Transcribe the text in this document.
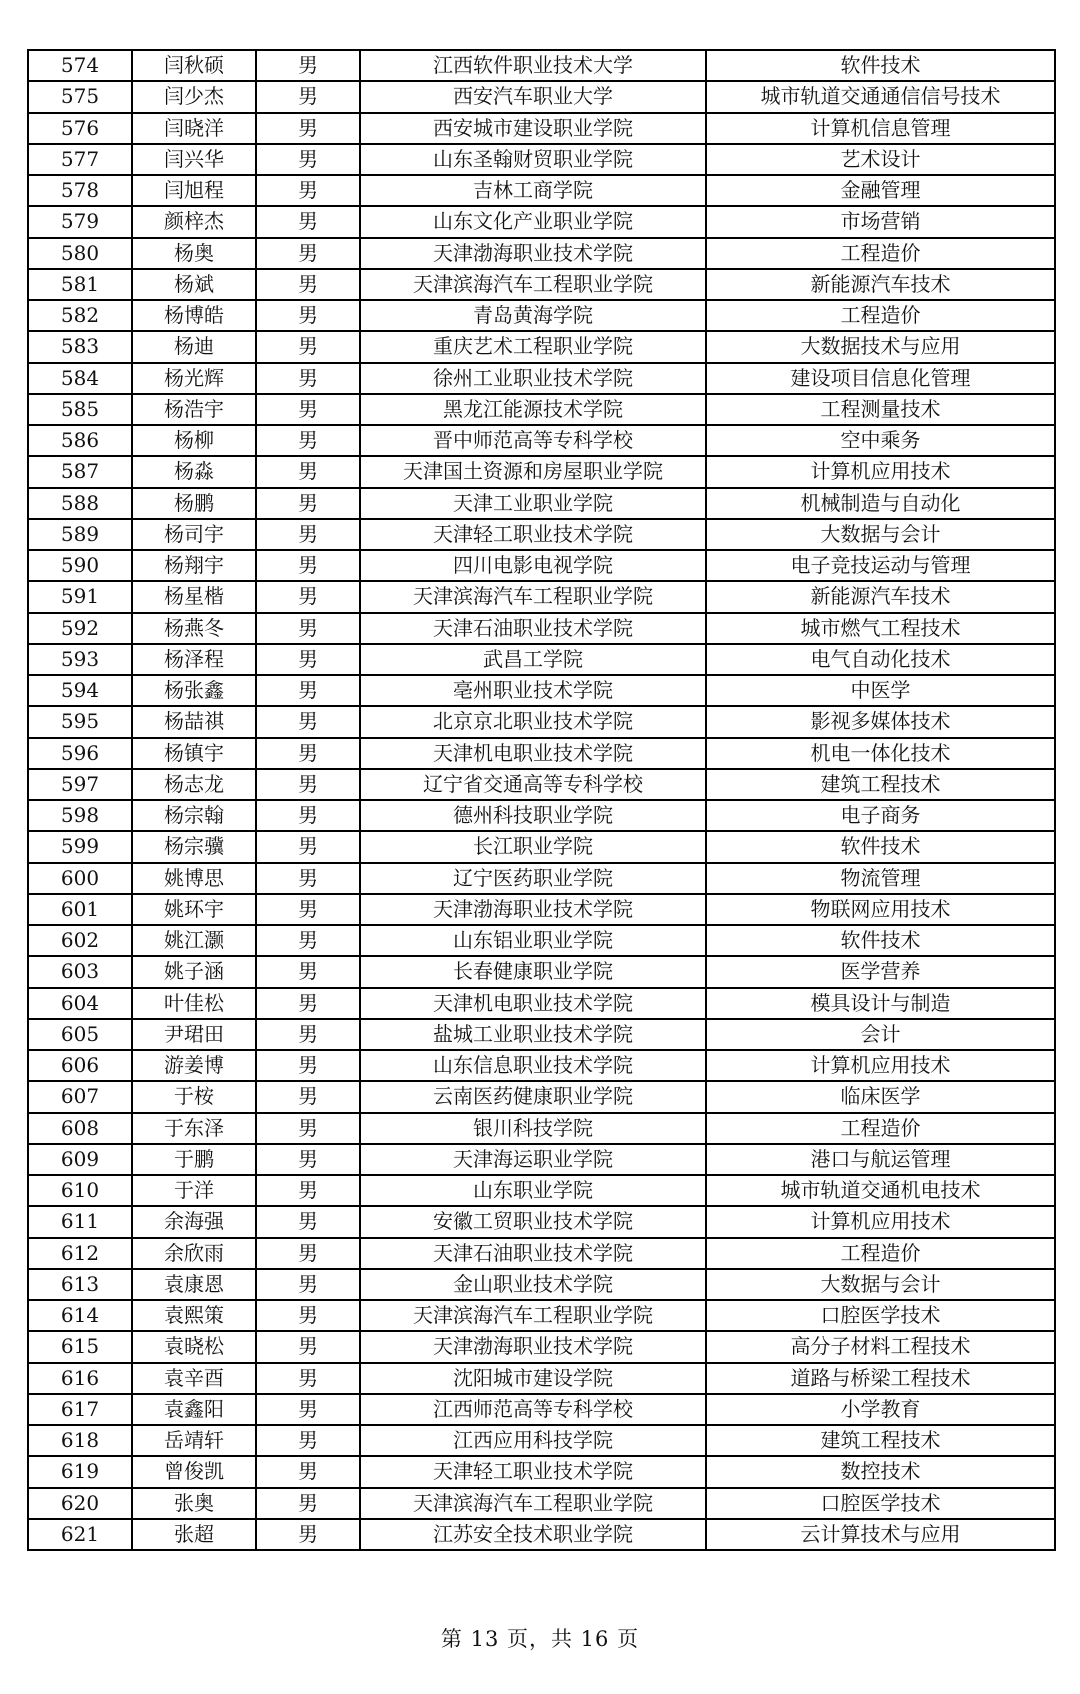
574	闫秋硕	男	江西软件职业技术大学	软件技术
575	闫少杰	男	西安汽车职业大学	城市轨道交通通信信号技术
576	闫晓洋	男	西安城市建设职业学院	计算机信息管理
577	闫兴华	男	山东圣翰财贸职业学院	艺术设计
578	闫旭程	男	吉林工商学院	金融管理
579	颜梓杰	男	山东文化产业职业学院	市场营销
580	杨奥	男	天津渤海职业技术学院	工程造价
581	杨斌	男	天津滨海汽车工程职业学院	新能源汽车技术
582	杨博皓	男	青岛黄海学院	工程造价
583	杨迪	男	重庆艺术工程职业学院	大数据技术与应用
584	杨光辉	男	徐州工业职业技术学院	建设项目信息化管理
585	杨浩宇	男	黑龙江能源技术学院	工程测量技术
586	杨柳	男	晋中师范高等专科学校	空中乘务
587	杨淼	男	天津国土资源和房屋职业学院	计算机应用技术
588	杨鹏	男	天津工业职业学院	机械制造与自动化
589	杨司宇	男	天津轻工职业技术学院	大数据与会计
590	杨翔宇	男	四川电影电视学院	电子竞技运动与管理
591	杨星楷	男	天津滨海汽车工程职业学院	新能源汽车技术
592	杨燕冬	男	天津石油职业技术学院	城市燃气工程技术
593	杨泽程	男	武昌工学院	电气自动化技术
594	杨张鑫	男	亳州职业技术学院	中医学
595	杨喆祺	男	北京京北职业技术学院	影视多媒体技术
596	杨镇宇	男	天津机电职业技术学院	机电一体化技术
597	杨志龙	男	辽宁省交通高等专科学校	建筑工程技术
598	杨宗翰	男	德州科技职业学院	电子商务
599	杨宗骥	男	长江职业学院	软件技术
600	姚博思	男	辽宁医药职业学院	物流管理
601	姚环宇	男	天津渤海职业技术学院	物联网应用技术
602	姚江灏	男	山东铝业职业学院	软件技术
603	姚子涵	男	长春健康职业学院	医学营养
604	叶佳松	男	天津机电职业技术学院	模具设计与制造
605	尹珺田	男	盐城工业职业技术学院	会计
606	游姜博	男	山东信息职业技术学院	计算机应用技术
607	于桉	男	云南医药健康职业学院	临床医学
608	于东泽	男	银川科技学院	工程造价
609	于鹏	男	天津海运职业学院	港口与航运管理
610	于洋	男	山东职业学院	城市轨道交通机电技术
611	余海强	男	安徽工贸职业技术学院	计算机应用技术
612	余欣雨	男	天津石油职业技术学院	工程造价
613	袁康恩	男	金山职业技术学院	大数据与会计
614	袁熙策	男	天津滨海汽车工程职业学院	口腔医学技术
615	袁晓松	男	天津渤海职业技术学院	高分子材料工程技术
616	袁辛酉	男	沈阳城市建设学院	道路与桥梁工程技术
617	袁鑫阳	男	江西师范高等专科学校	小学教育
618	岳靖轩	男	江西应用科技学院	建筑工程技术
619	曾俊凯	男	天津轻工职业技术学院	数控技术
620	张奥	男	天津滨海汽车工程职业学院	口腔医学技术
621	张超	男	江苏安全技术职业学院	云计算技术与应用
第 13 页，共 16 页
